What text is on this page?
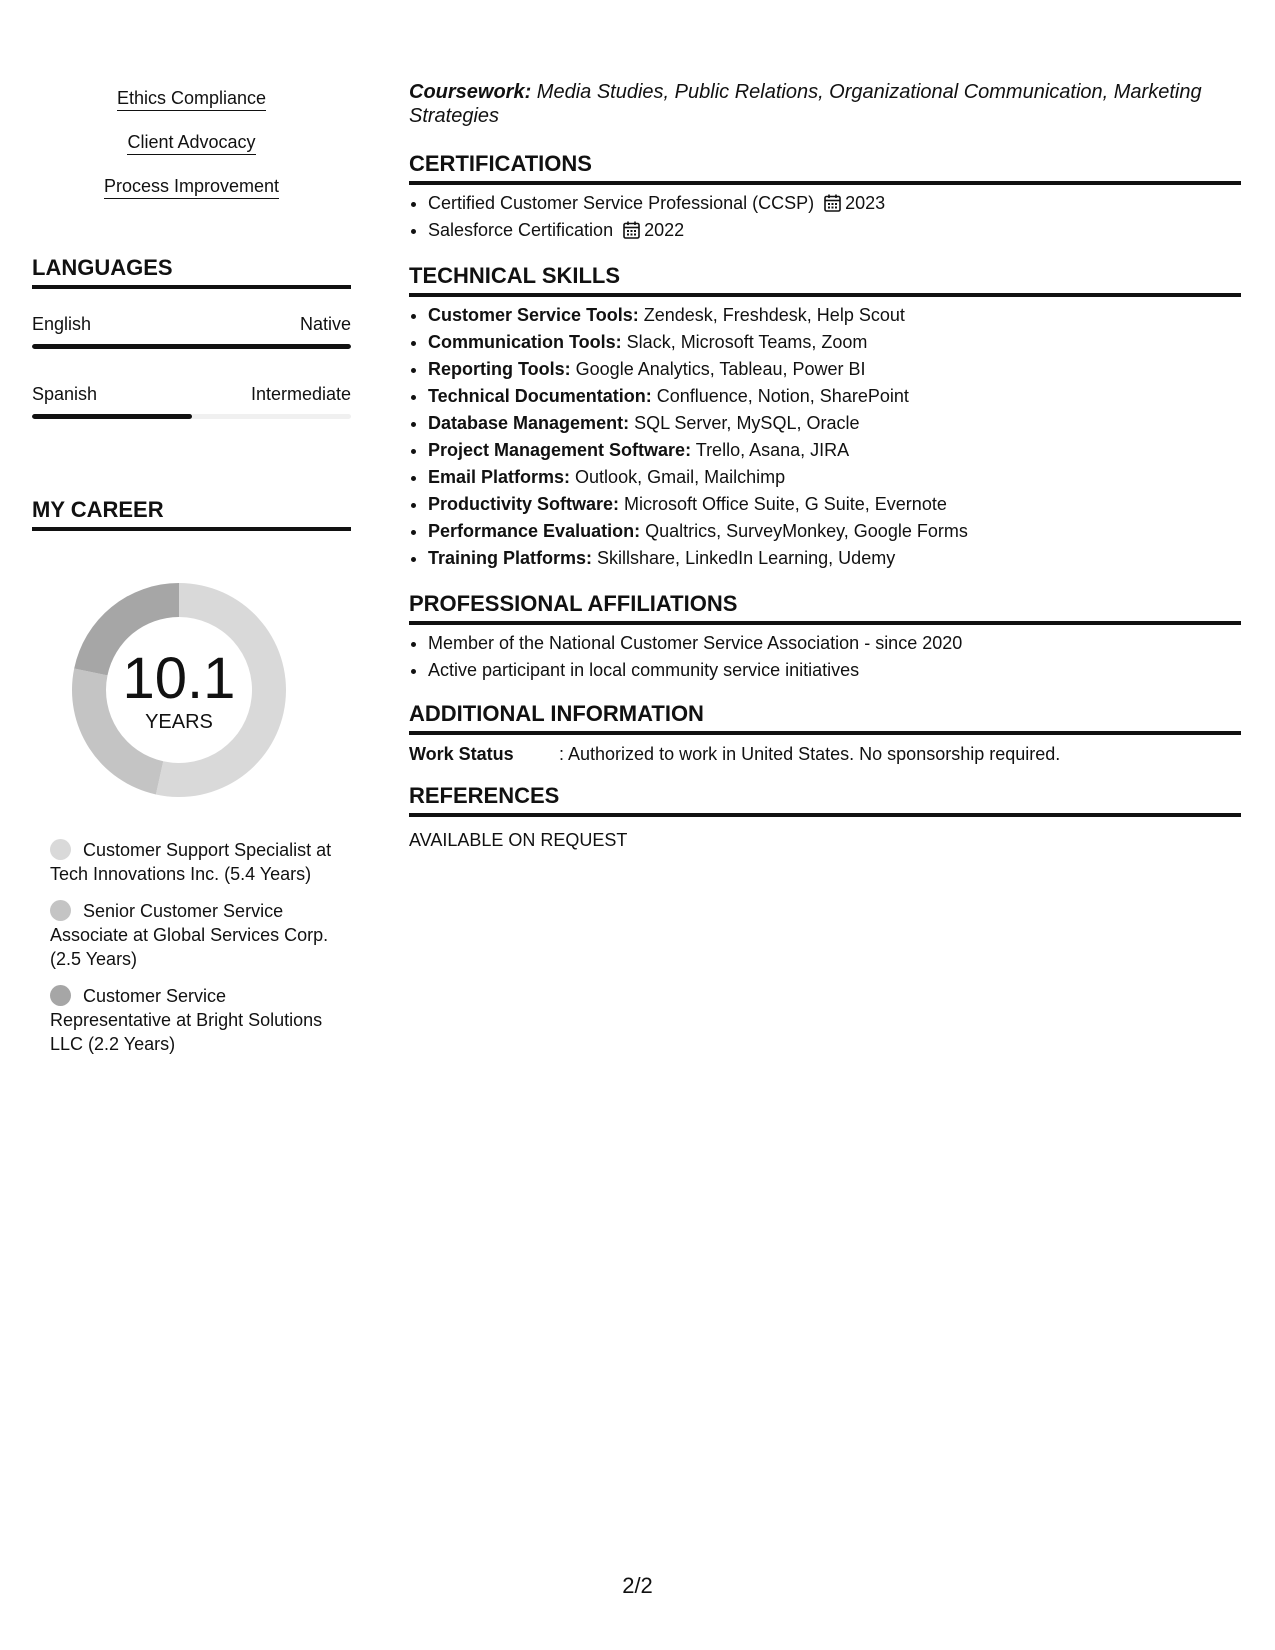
Ethics Compliance
Client Advocacy
Process Improvement
LANGUAGES
English	Native
Spanish	Intermediate
MY CAREER
10.1
YEARS
Customer Support Specialist at Tech Innovations Inc. (5.4 Years)
Senior Customer Service Associate at Global Services Corp. (2.5 Years)
Customer Service Representative at Bright Solutions LLC (2.2 Years)
Coursework: Media Studies, Public Relations, Organizational Communication, Marketing Strategies
CERTIFICATIONS
• Certified Customer Service Professional (CCSP) 2023
• Salesforce Certification 2022
TECHNICAL SKILLS
• Customer Service Tools: Zendesk, Freshdesk, Help Scout
• Communication Tools: Slack, Microsoft Teams, Zoom
• Reporting Tools: Google Analytics, Tableau, Power BI
• Technical Documentation: Confluence, Notion, SharePoint
• Database Management: SQL Server, MySQL, Oracle
• Project Management Software: Trello, Asana, JIRA
• Email Platforms: Outlook, Gmail, Mailchimp
• Productivity Software: Microsoft Office Suite, G Suite, Evernote
• Performance Evaluation: Qualtrics, SurveyMonkey, Google Forms
• Training Platforms: Skillshare, LinkedIn Learning, Udemy
PROFESSIONAL AFFILIATIONS
• Member of the National Customer Service Association - since 2020
• Active participant in local community service initiatives
ADDITIONAL INFORMATION
Work Status	: Authorized to work in United States. No sponsorship required.
REFERENCES
AVAILABLE ON REQUEST
2/2
